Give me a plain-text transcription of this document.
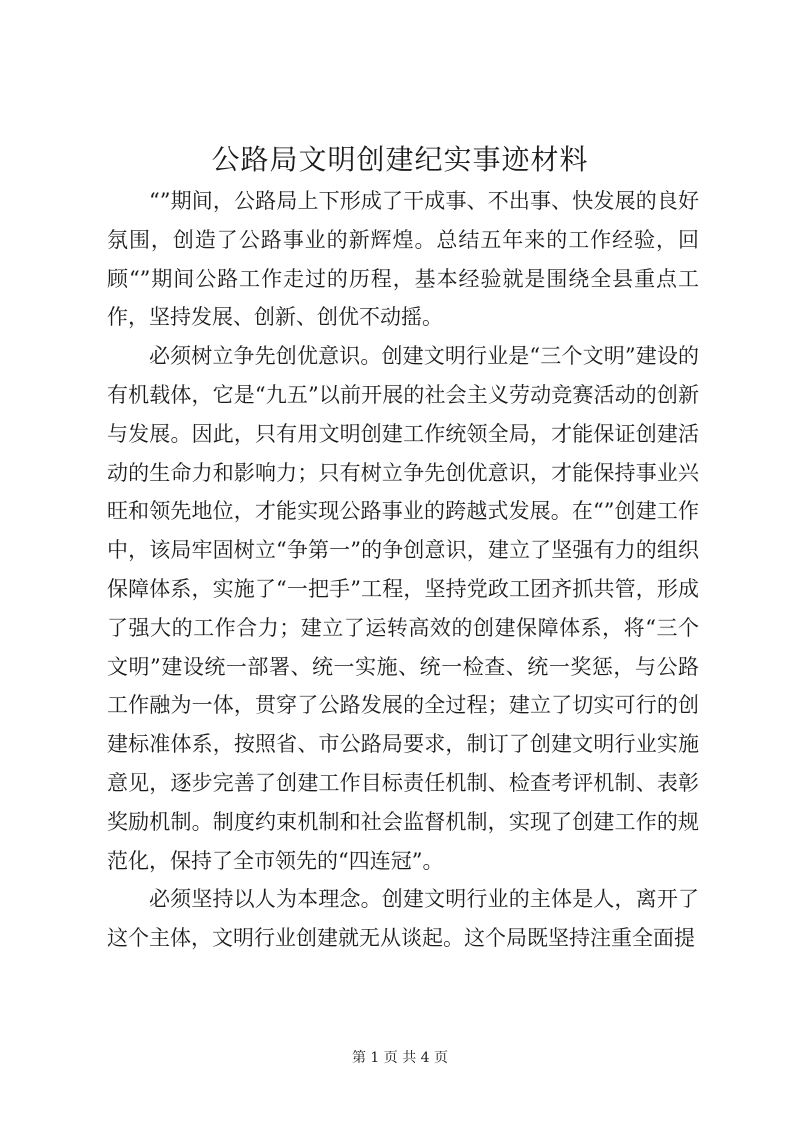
公路局文明创建纪实事迹材料

“”期间，公路局上下形成了干成事、不出事、快发展的良好氛围，创造了公路事业的新辉煌。总结五年来的工作经验，回顾“”期间公路工作走过的历程，基本经验就是围绕全县重点工作，坚持发展、创新、创优不动摇。

必须树立争先创优意识。创建文明行业是“三个文明”建设的有机载体，它是“九五”以前开展的社会主义劳动竞赛活动的创新与发展。因此，只有用文明创建工作统领全局，才能保证创建活动的生命力和影响力；只有树立争先创优意识，才能保持事业兴旺和领先地位，才能实现公路事业的跨越式发展。在“”创建工作中，该局牢固树立“争第一”的争创意识，建立了坚强有力的组织保障体系，实施了“一把手”工程，坚持党政工团齐抓共管，形成了强大的工作合力；建立了运转高效的创建保障体系，将“三个文明”建设统一部署、统一实施、统一检查、统一奖惩，与公路工作融为一体，贯穿了公路发展的全过程；建立了切实可行的创建标准体系，按照省、市公路局要求，制订了创建文明行业实施意见，逐步完善了创建工作目标责任机制、检查考评机制、表彰奖励机制。制度约束机制和社会监督机制，实现了创建工作的规范化，保持了全市领先的“四连冠”。

必须坚持以人为本理念。创建文明行业的主体是人，离开了这个主体，文明行业创建就无从谈起。这个局既坚持注重全面提

第 1 页 共 4 页
